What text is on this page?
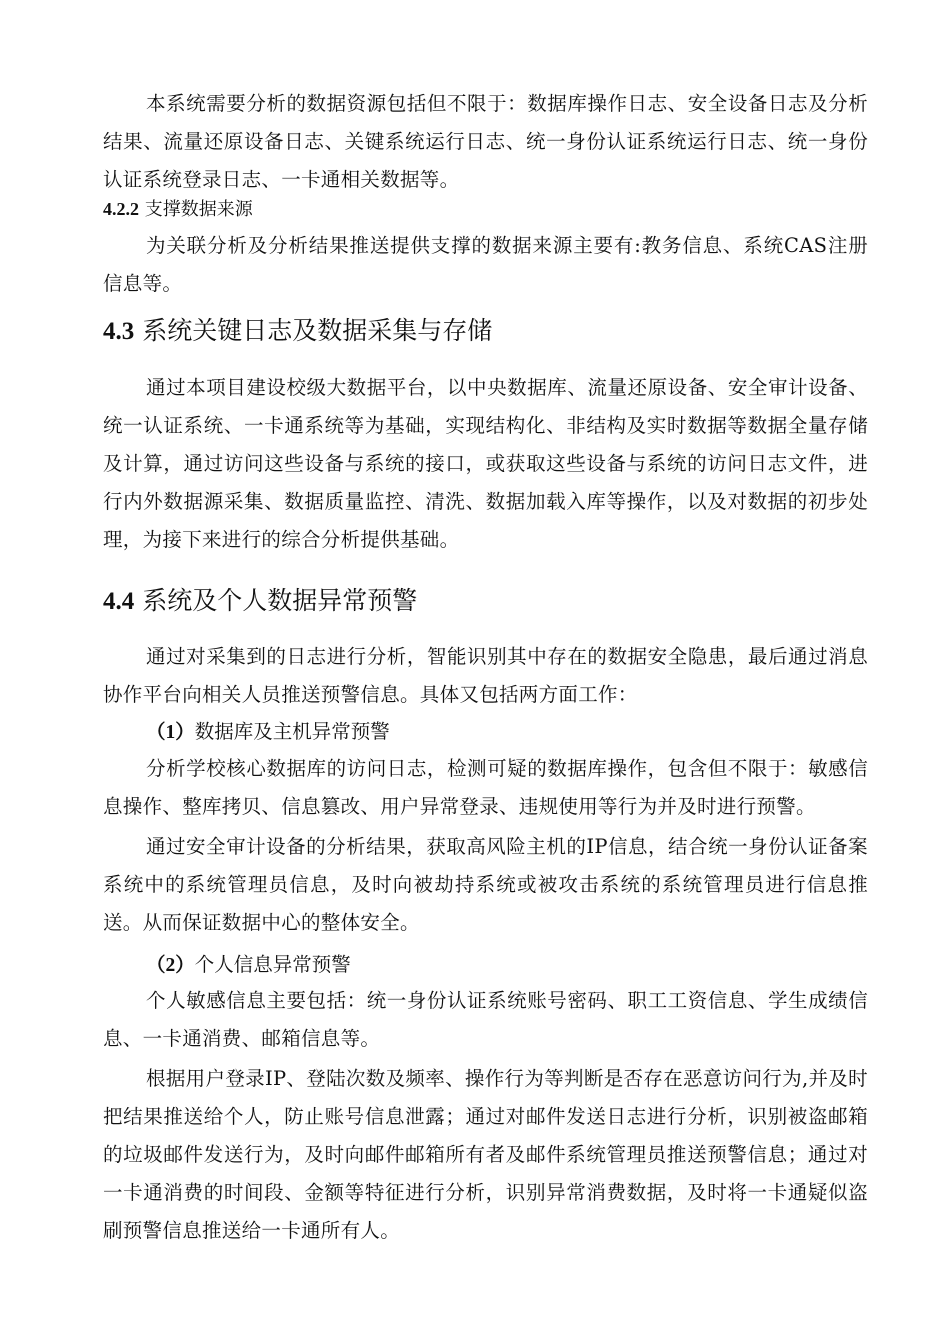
本系统需要分析的数据资源包括但不限于：数据库操作日志、安全设备日志及分析结果、流量还原设备日志、关键系统运行日志、统一身份认证系统运行日志、统一身份认证系统登录日志、一卡通相关数据等。

4.2.2 支撑数据来源

为关联分析及分析结果推送提供支撑的数据来源主要有:教务信息、系统CAS注册信息等。

4.3 系统关键日志及数据采集与存储

通过本项目建设校级大数据平台，以中央数据库、流量还原设备、安全审计设备、统一认证系统、一卡通系统等为基础，实现结构化、非结构及实时数据等数据全量存储及计算，通过访问这些设备与系统的接口，或获取这些设备与系统的访问日志文件，进行内外数据源采集、数据质量监控、清洗、数据加载入库等操作，以及对数据的初步处理，为接下来进行的综合分析提供基础。

4.4 系统及个人数据异常预警

通过对采集到的日志进行分析，智能识别其中存在的数据安全隐患，最后通过消息协作平台向相关人员推送预警信息。具体又包括两方面工作：

（1）数据库及主机异常预警

分析学校核心数据库的访问日志，检测可疑的数据库操作，包含但不限于：敏感信息操作、整库拷贝、信息篡改、用户异常登录、违规使用等行为并及时进行预警。

通过安全审计设备的分析结果，获取高风险主机的IP信息，结合统一身份认证备案系统中的系统管理员信息，及时向被劫持系统或被攻击系统的系统管理员进行信息推送。从而保证数据中心的整体安全。

（2）个人信息异常预警

个人敏感信息主要包括：统一身份认证系统账号密码、职工工资信息、学生成绩信息、一卡通消费、邮箱信息等。

根据用户登录IP、登陆次数及频率、操作行为等判断是否存在恶意访问行为,并及时把结果推送给个人，防止账号信息泄露；通过对邮件发送日志进行分析，识别被盗邮箱的垃圾邮件发送行为，及时向邮件邮箱所有者及邮件系统管理员推送预警信息；通过对一卡通消费的时间段、金额等特征进行分析，识别异常消费数据，及时将一卡通疑似盗刷预警信息推送给一卡通所有人。
